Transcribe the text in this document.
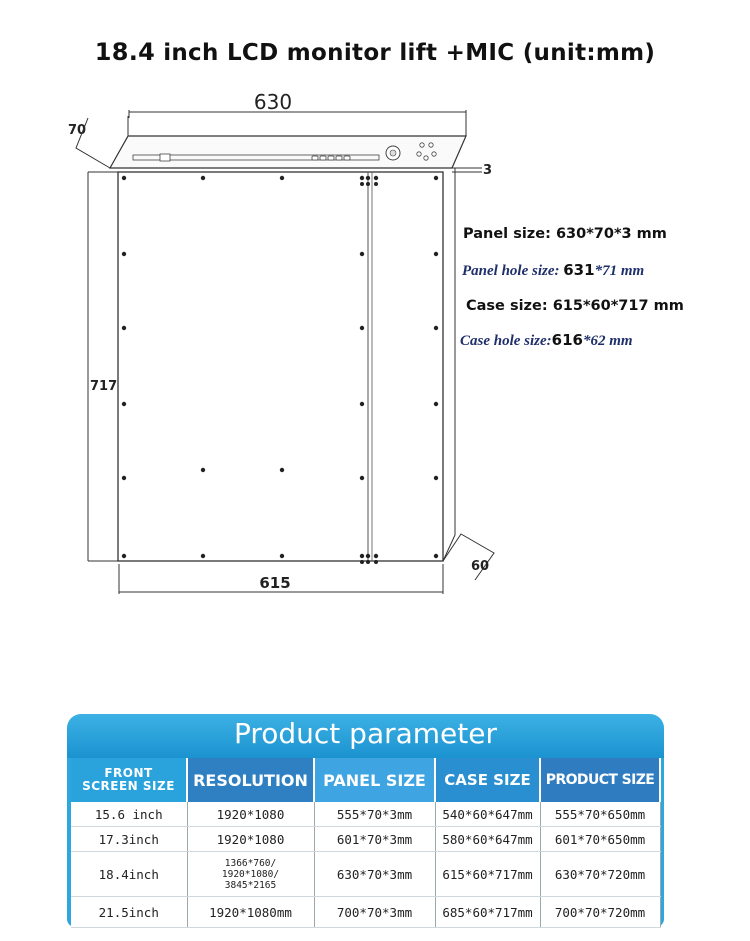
18.4 inch LCD monitor lift +MIC (unit:mm)
630
70
3
717
615
60
Panel size: 630*70*3 mm
Panel hole size: 631*71 mm
Case size: 615*60*717 mm
Case hole size:616*62 mm
Product parameter
FRONT
SCREEN SIZE	RESOLUTION	PANEL SIZE	CASE SIZE	PRODUCT SIZE
15.6 inch	1920*1080	555*70*3mm	540*60*647mm	555*70*650mm
17.3inch	1920*1080	601*70*3mm	580*60*647mm	601*70*650mm
18.4inch	1366*760/
1920*1080/
3845*2165	630*70*3mm	615*60*717mm	630*70*720mm
21.5inch	1920*1080mm	700*70*3mm	685*60*717mm	700*70*720mm
